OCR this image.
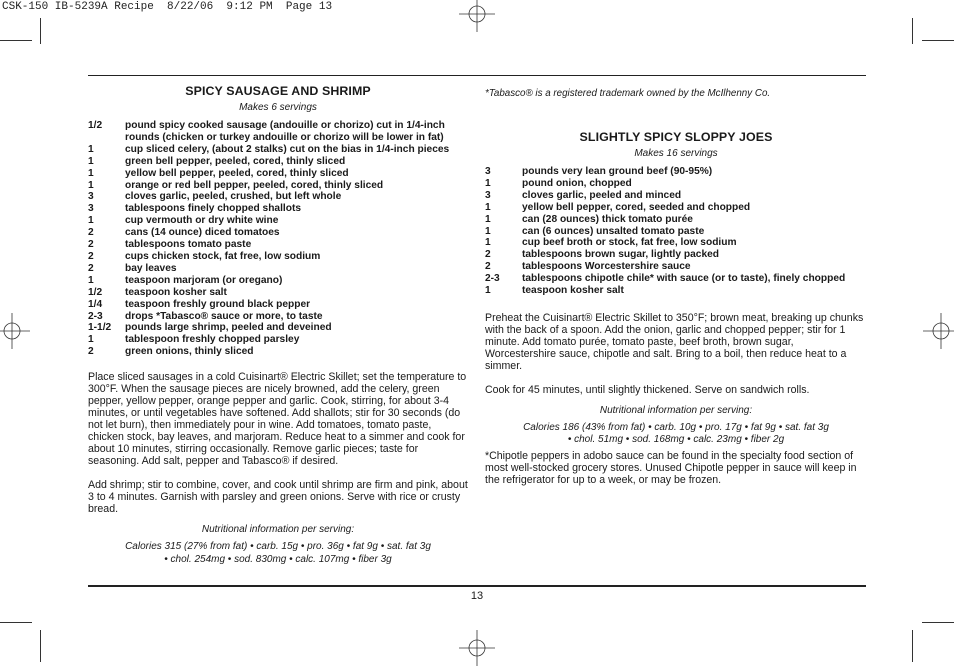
CSK-150 IB-5239A Recipe  8/22/06  9:12 PM  Page 13
SPICY SAUSAGE AND SHRIMP
Makes 6 servings
1/2	pound spicy cooked sausage (andouille or chorizo) cut in 1/4-inch rounds (chicken or turkey andouille or chorizo will be lower in fat)
1	cup sliced celery, (about 2 stalks) cut on the bias in 1/4-inch pieces
1	green bell pepper, peeled, cored, thinly sliced
1	yellow bell pepper, peeled, cored, thinly sliced
1	orange or red bell pepper, peeled, cored, thinly sliced
3	cloves garlic, peeled, crushed, but left whole
3	tablespoons finely chopped shallots
1	cup vermouth or dry white wine
2	cans (14 ounce) diced tomatoes
2	tablespoons tomato paste
2	cups chicken stock, fat free, low sodium
2	bay leaves
1	teaspoon marjoram (or oregano)
1/2	teaspoon kosher salt
1/4	teaspoon freshly ground black pepper
2-3	drops *Tabasco® sauce or more, to taste
1-1/2	pounds large shrimp, peeled and deveined
1	tablespoon freshly chopped parsley
2	green onions, thinly sliced

Place sliced sausages in a cold Cuisinart® Electric Skillet; set the temperature to 300°F. When the sausage pieces are nicely browned, add the celery, green pepper, yellow pepper, orange pepper and garlic. Cook, stirring, for about 3-4 minutes, or until vegetables have softened. Add shallots; stir for 30 seconds (do not let burn), then immediately pour in wine. Add tomatoes, tomato paste, chicken stock, bay leaves, and marjoram. Reduce heat to a simmer and cook for about 10 minutes, stirring occasionally. Remove garlic pieces; taste for seasoning. Add salt, pepper and Tabasco® if desired.

Add shrimp; stir to combine, cover, and cook until shrimp are firm and pink, about 3 to 4 minutes. Garnish with parsley and green onions. Serve with rice or crusty bread.

Nutritional information per serving:
Calories 315 (27% from fat) • carb. 15g • pro. 36g • fat 9g • sat. fat 3g
• chol. 254mg • sod. 830mg • calc. 107mg • fiber 3g
*Tabasco® is a registered trademark owned by the McIlhenny Co.
SLIGHTLY SPICY SLOPPY JOES
Makes 16 servings
3	pounds very lean ground beef (90-95%)
1	pound onion, chopped
3	cloves garlic, peeled and minced
1	yellow bell pepper, cored, seeded and chopped
1	can (28 ounces) thick tomato purée
1	can (6 ounces) unsalted tomato paste
1	cup beef broth or stock, fat free, low sodium
2	tablespoons brown sugar, lightly packed
2	tablespoons Worcestershire sauce
2-3	tablespoons chipotle chile* with sauce (or to taste), finely chopped
1	teaspoon kosher salt

Preheat the Cuisinart® Electric Skillet to 350°F; brown meat, breaking up chunks with the back of a spoon. Add the onion, garlic and chopped pepper; stir for 1 minute. Add tomato purée, tomato paste, beef broth, brown sugar, Worcestershire sauce, chipotle and salt. Bring to a boil, then reduce heat to a simmer.

Cook for 45 minutes, until slightly thickened. Serve on sandwich rolls.

Nutritional information per serving:
Calories 186 (43% from fat) • carb. 10g • pro. 17g • fat 9g • sat. fat 3g
• chol. 51mg • sod. 168mg • calc. 23mg • fiber 2g

*Chipotle peppers in adobo sauce can be found in the specialty food section of most well-stocked grocery stores. Unused Chipotle pepper in sauce will keep in the refrigerator for up to a week, or may be frozen.

13
